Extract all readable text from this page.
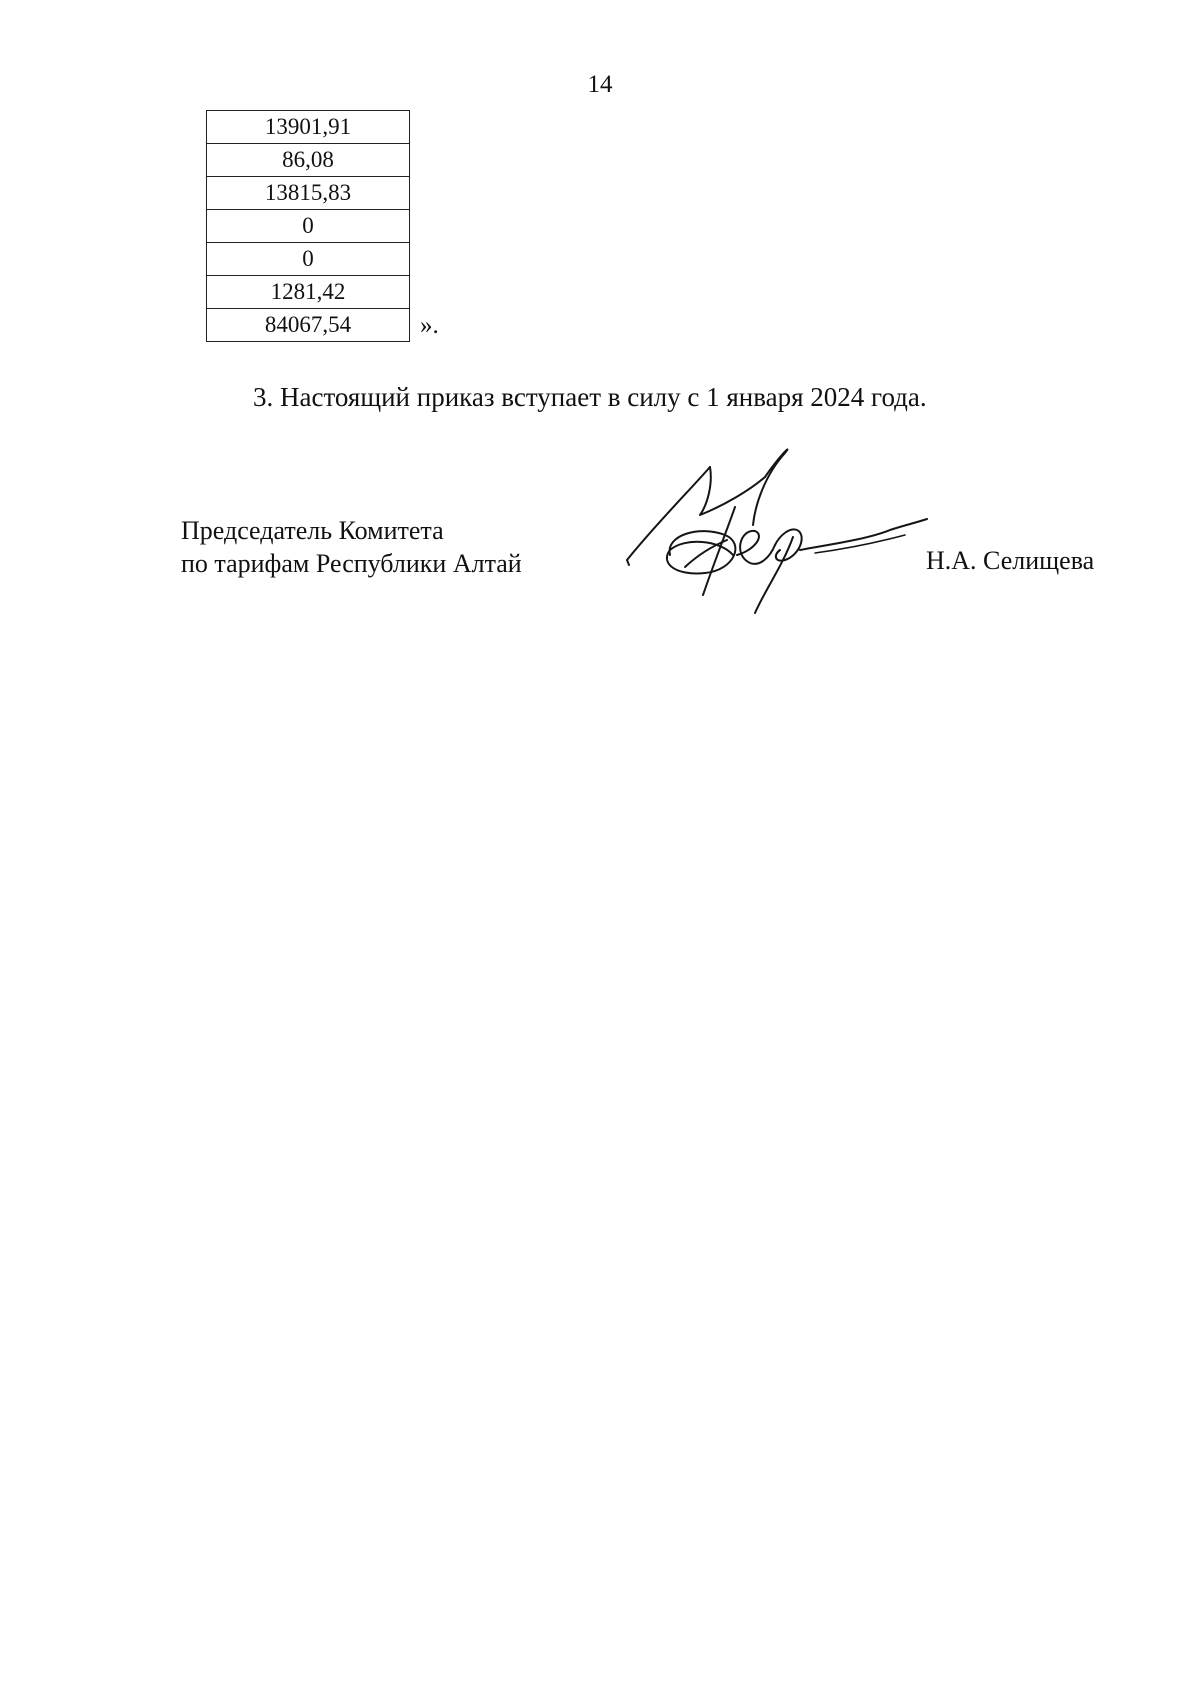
14
13901,91
86,08
13815,83
0
0
1281,42
84067,54	».
3. Настоящий приказ вступает в силу с 1 января 2024 года.
Председатель Комитета
по тарифам Республики Алтай	Н.А. Селищева
